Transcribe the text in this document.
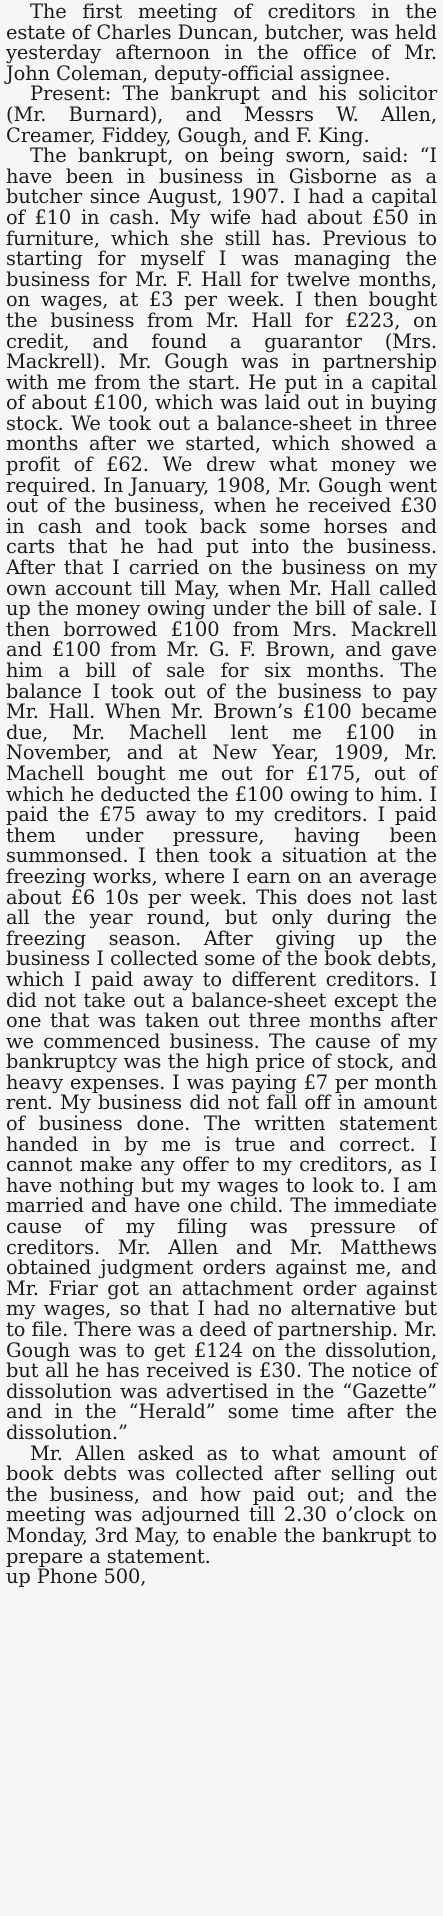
The first meeting of creditors in the estate of Charles Duncan, butcher, was held yesterday afternoon in the office of Mr. John Coleman, deputy-official assignee.

Present: The bankrupt and his solicitor (Mr. Burnard), and Messrs W. Allen, Creamer, Fiddey, Gough, and F. King.

The bankrupt, on being sworn, said: “I have been in business in Gisborne as a butcher since August, 1907. I had a capital of £10 in cash. My wife had about £50 in furniture, which she still has. Previous to starting for myself I was managing the business for Mr. F. Hall for twelve months, on wages, at £3 per week. I then bought the business from Mr. Hall for £223, on credit, and found a guarantor (Mrs. Mackrell). Mr. Gough was in partnership with me from the start. He put in a capital of about £100, which was laid out in buying stock. We took out a balance-sheet in three months after we started, which showed a profit of £62. We drew what money we required. In January, 1908, Mr. Gough went out of the business, when he received £30 in cash and took back some horses and carts that he had put into the business. After that I carried on the business on my own account till May, when Mr. Hall called up the money owing under the bill of sale. I then borrowed £100 from Mrs. Mackrell and £100 from Mr. G. F. Brown, and gave him a bill of sale for six months. The balance I took out of the business to pay Mr. Hall. When Mr. Brown’s £100 became due, Mr. Machell lent me £100 in November, and at New Year, 1909, Mr. Machell bought me out for £175, out of which he deducted the £100 owing to him. I paid the £75 away to my creditors. I paid them under pressure, having been summonsed. I then took a situation at the freezing works, where I earn on an average about £6 10s per week. This does not last all the year round, but only during the freezing season. After giving up the business I collected some of the book debts, which I paid away to different creditors. I did not take out a balance-sheet except the one that was taken out three months after we commenced business. The cause of my bankruptcy was the high price of stock, and heavy expenses. I was paying £7 per month rent. My business did not fall off in amount of business done. The written statement handed in by me is true and correct. I cannot make any offer to my creditors, as I have nothing but my wages to look to. I am married and have one child. The immediate cause of my filing was pressure of creditors. Mr. Allen and Mr. Matthews obtained judgment orders against me, and Mr. Friar got an attachment order against my wages, so that I had no alternative but to file. There was a deed of partnership. Mr. Gough was to get £124 on the dissolution, but all he has received is £30. The notice of dissolution was advertised in the “Gazette” and in the “Herald” some time after the dissolution.”

Mr. Allen asked as to what amount of book debts was collected after selling out the business, and how paid out; and the meeting was adjourned till 2.30 o’clock on Monday, 3rd May, to enable the bankrupt to prepare a statement.

up Phone 500,
